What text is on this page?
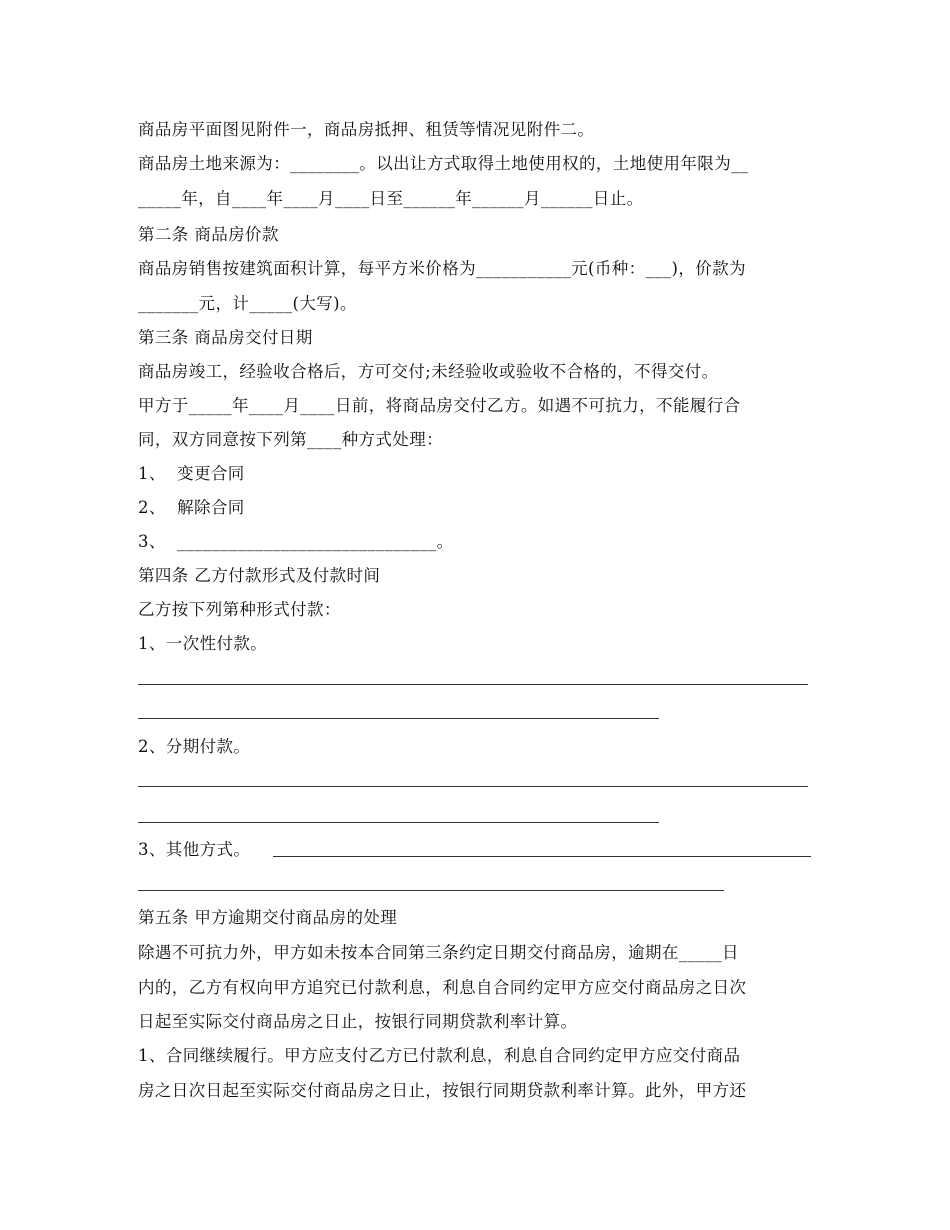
商品房平面图见附件一，商品房抵押、租赁等情况见附件二。
商品房土地来源为：________。以出让方式取得土地使用权的，土地使用年限为__
_____年，自____年____月____日至______年______月______日止。
第二条 商品房价款
商品房销售按建筑面积计算，每平方米价格为___________元(币种：___)，价款为
_______元，计_____(大写)。
第三条 商品房交付日期
商品房竣工，经验收合格后，方可交付;未经验收或验收不合格的，不得交付。
甲方于_____年____月____日前，将商品房交付乙方。如遇不可抗力，不能履行合
同，双方同意按下列第____种方式处理：
1、  变更合同
2、  解除合同
3、  ______________________________。
第四条 乙方付款形式及付款时间
乙方按下列第种形式付款：
1、一次性付款。
2、分期付款。
3、其他方式。
第五条 甲方逾期交付商品房的处理
除遇不可抗力外，甲方如未按本合同第三条约定日期交付商品房，逾期在_____日
内的，乙方有权向甲方追究已付款利息，利息自合同约定甲方应交付商品房之日次
日起至实际交付商品房之日止，按银行同期贷款利率计算。
1、合同继续履行。甲方应支付乙方已付款利息，利息自合同约定甲方应交付商品
房之日次日起至实际交付商品房之日止，按银行同期贷款利率计算。此外，甲方还
